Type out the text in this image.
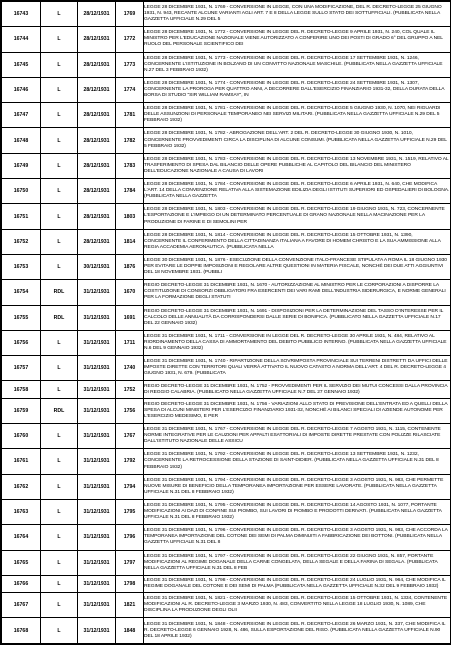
16743	L	28/12/1931	1769	LEGGE 28 DICEMBRE 1931, N. 1769 - CONVERSIONE IN LEGGE, CON UNA MODIFICAZIONE, DEL R. DECRETO-LEGGE 25 GIUGNO 1931, N. 943, RECANTE ALCUNE VARIANTI AGLI ART. 7 E 8 DELLA LEGGE SULLO STATO DEI SOTTUFFICIALI. (PUBBLICATA NELLA GAZZETTA UFFICIALE N.29 DEL 5
16744	L	28/12/1931	1772	LEGGE 28 DICEMBRE 1931, N. 1772 - CONVERSIONE IN LEGGE DEL R. DECRETO-LEGGE 9 APRILE 1931, N. 240, COL QUALE IL MINISTRO PER L'EDUCAZIONE NAZIONALE VIENE AUTORIZZATO A CONFERIRE UNO DEI POSTI DI GRADO 6° DEL GRUPPO A NEL RUOLO DEL PERSONALE SCIENTIFICO DEI
16745	L	28/12/1931	1773	LEGGE 28 DICEMBRE 1931, N. 1773 - CONVERSIONE IN LEGGE DEL R. DECRETO-LEGGE 17 SETTEMBRE 1931, N. 1246, CONCERNENTE L'ISTITUZIONE IN BOLZANO DI UN CONVITTO NAZIONALE MASCHILE. (PUBBLICATA NELLA GAZZETTA UFFICIALE N.27 DEL 3 FEBBRAIO 1932)
16746	L	28/12/1931	1774	LEGGE 28 DICEMBRE 1931, N. 1774 - CONVERSIONE IN LEGGE DEL R. DECRETO-LEGGE 24 SETTEMBRE 1931, N. 1307, CONCERNENTE LA PROROGA PER QUATTRO ANNI, A DECORRERE DALL'ESERCIZIO FINANZIARIO 1931-32, DELLA DURATA DELLA BORSA DI STUDIO "SIR WILLIAM RAMSAY", IN
16747	L	28/12/1931	1781	LEGGE 28 DICEMBRE 1931, N. 1781 - CONVERSIONE IN LEGGE DEL R. DECRETO-LEGGE 5 GIUGNO 1930, N. 1070, NEI RIGUARDI DELLE ASSUNZIONI DI PERSONALE TEMPORANEO NEI SERVIZI MILITARI. (PUBBLICATA NELLA GAZZETTA UFFICIALE N.29 DEL 5 FEBBRAIO 1932)
16748	L	28/12/1931	1782	LEGGE 28 DICEMBRE 1931, N. 1782 - ABROGAZIONE DELL'ART. 2 DEL R. DECRETO-LEGGE 30 GIUGNO 1930, N. 1010, CONCERNENTE PROVVEDIMENTI CIRCA LA DISCIPLINA DI ALCUNE CONSUMI. (PUBBLICATA NELLA GAZZETTA UFFICIALE N.29 DEL 5 FEBBRAIO 1932)
16749	L	28/12/1931	1783	LEGGE 28 DICEMBRE 1931, N. 1783 - CONVERSIONE IN LEGGE DEL R. DECRETO-LEGGE 13 NOVEMBRE 1931, N. 1519, RELATIVO AL TRASFERIMENTO DI SPESA DAL BILANCIO DELLE OPERE PUBBLICHE AL CAPITOLO DEL BILANCIO DEL MINISTERO DELL'EDUCAZIONE NAZIONALE A CAUSA DI LAVORI
16750	L	28/12/1931	1784	LEGGE 28 DICEMBRE 1931, N. 1784 - CONVERSIONE IN LEGGE DEL R. DECRETO-LEGGE 6 APRILE 1931, N. 640, CHE MODIFICA L'ART. 14 DELLA CONVENZIONE RELATIVA ALLA SISTEMAZIONE EDILIZIA DEGLI ISTITUTI SUPERIORI ED OSPEDALIERI DI BOLOGNA. (PUBBLICATA NELLA GAZZETTA
16751	L	28/12/1931	1803	LEGGE 28 DICEMBRE 1931, N. 1803 - CONVERSIONE IN LEGGE DEL R. DECRETO-LEGGE 19 GIUGNO 1931, N. 723, CONCERNENTE L'ESPORTAZIONE E L'IMPIEGO DI UN DETERMINATO PERCENTUALE DI GRANO NAZIONALE NELLA MACINAZIONE PER LA PRODUZIONE DI FARINE E DI SEMOLINI PER
16752	L	28/12/1931	1814	LEGGE 28 DICEMBRE 1931, N. 1814 - CONVERSIONE IN LEGGE DEL R. DECRETO-LEGGE 15 OTTOBRE 1931, N. 1390, CONCERNENTE IL CONFERIMENTO DELLA CITTADINANZA ITALIANA A FAVORE DI HOMEM CHRISTO E LA SUA AMMISSIONE ALLA REGIA ACCADEMIA AERONAUTICA. (PUBBLICATA NELLA
16753	L	30/12/1931	1876	LEGGE 30 DICEMBRE 1931, N. 1876 - ESECUZIONE DELLA CONVENZIONE ITALO-FRANCESE STIPULATA A ROMA IL 18 GIUGNO 1930 PER EVITARE LE DOPPIE IMPOSIZIONI E REGOLARE ALTRE QUESTIONI IN MATERIA FISCALE, NONCHÉ DEI DUE ATTI AGGIUNTIVI DEL 18 NOVEMBRE 1931. (PUBBLI
16754	RDL	31/12/1931	1670	REGIO DECRETO-LEGGE 31 DICEMBRE 1931, N. 1670 - AUTORIZZAZIONE AL MINISTRO PER LE CORPORAZIONI A DISPORRE LA COSTITUZIONE DI CONSORZI OBBLIGATORI FRA ESERCENTI DEI VARI RAMI DELL'INDUSTRIA SIDERURGICA, E NORME GENERALI PER LA FORMAZIONE DEGLI STATUTI
16755	RDL	31/12/1931	1691	REGIO DECRETO-LEGGE 31 DICEMBRE 1931, N. 1691 - DISPOSIZIONI PER LA DETERMINAZIONE DEL TASSO D'INTERESSE PER IL CALCOLO DELLE ANNUALITÀ DA CORRISPONDERSI DALLE SERIE DI BONIFICA. (PUBBLICATO NELLA GAZZETTA UFFICIALE N.17 DEL 22 GENNAIO 1932)
16756	L	31/12/1931	1711	LEGGE 31 DICEMBRE 1931, N. 1711 - CONVERSIONE IN LEGGE DEL R. DECRETO-LEGGE 30 APRILE 1931, N. 484, RELATIVO AL RIORDINAMENTO DELLA CASSA DI AMMORTAMENTO DEL DEBITO PUBBLICO INTERNO. (PUBBLICATA NELLA GAZZETTA UFFICIALE N.6 DEL 9 GENNAIO 1932)
16757	L	31/12/1931	1740	LEGGE 31 DICEMBRE 1931, N. 1740 - RIPARTIZIONE DELLA SOVRIMPOSTA PROVINCIALE SUI TERRENI DISTRETTI DA UFFICI DELLE IMPOSTE DIRETTE CON TERRITORI QUALI VERRÀ ATTIVATO IL NUOVO CATASTO A NORMA DELL'ART. 4 DEL R. DECRETO-LEGGE 4 GIUGNO 1931, N. 679. (PUBBLICATA
16758	L	31/12/1931	1752	REGIO DECRETO-LEGGE 31 DICEMBRE 1931, N. 1752 - PROVVEDIMENTI PER IL SERVIZIO DEI MUTUI CONCESSI DALLA PROVINCIA DI REGGIO CALABRIA. (PUBBLICATO NELLA GAZZETTA UFFICIALE N.7 DEL 27 GENNAIO 1932)
16759	RDL	31/12/1931	1756	REGIO DECRETO-LEGGE 31 DICEMBRE 1931, N. 1756 - VARIAZIONI ALLO STATO DI PREVISIONE DELL'ENTRATA ED A QUELLI DELLA SPESA DI ALCUNI MINISTERI PER L'ESERCIZIO FINANZIARIO 1931-32, NONCHÉ AI BILANCI SPECIALI DI AZIENDE AUTONOME PER L'ESERCIZIO MEDESIMO, E PER
16760	L	31/12/1931	1767	LEGGE 31 DICEMBRE 1931, N. 1767 - CONVERSIONE IN LEGGE DEL R. DECRETO-LEGGE 7 AGOSTO 1931, N. 1115, CONTENENTE NORME INTEGRATIVE PER LE CAUZIONI PER APPALTI ESATTORIALI DI IMPOSTE DIRETTE PRESTATE CON POLIZZE RILASCIATE DALL'ISTITUTO NAZIONALE DELLE ASSICU
16761	L	31/12/1931	1792	LEGGE 31 DICEMBRE 1931, N. 1792 - CONVERSIONE IN LEGGE DEL R. DECRETO-LEGGE 13 SETTEMBRE 1931, N. 1232, CONCERNENTE LA RETROCESSIONE DELLA STAZIONE DI SAINT-DIDIER. (PUBBLICATA NELLA GAZZETTA UFFICIALE N.31 DEL 8 FEBBRAIO 1932)
16762	L	31/12/1931	1794	LEGGE 31 DICEMBRE 1931, N. 1794 - CONVERSIONE IN LEGGE DEL R. DECRETO-LEGGE 3 AGOSTO 1931, N. 983, CHE PERMETTE NUOVE MISURE DI BENEFICIO DELLA TEMPORANEA IMPORTAZIONE PER ESSERE LAVORATE. (PUBBLICATA NELLA GAZZETTA UFFICIALE N.31 DEL 8 FEBBRAIO 1932)
16763	L	31/12/1931	1795	LEGGE 31 DICEMBRE 1931, N. 1795 - CONVERSIONE IN LEGGE DEL R. DECRETO-LEGGE 14 AGOSTO 1931, N. 1077, PORTANTE MODIFICAZIONI AI DAZI DI CONFINE SUI PIOMBO, SUI LAVORI DI PIOMBO E PRODOTTI DERIVATI. (PUBBLICATA NELLA GAZZETTA UFFICIALE N.31 DEL 8 FEBBRAIO 1932)
16764	L	31/12/1931	1796	LEGGE 31 DICEMBRE 1931, N. 1796 - CONVERSIONE IN LEGGE DEL R. DECRETO-LEGGE 3 AGOSTO 1931, N. 983, CHE ACCORDA LA TEMPORANEA IMPORTAZIONE DEL COTONE DEI SEMI DI PALMA DIMINUITI A FABBRICAZIONE DEI BOTTONI. (PUBBLICATA NELLA GAZZETTA UFFICIALE N.31 DEL 8
16765	L	31/12/1931	1797	LEGGE 31 DICEMBRE 1931, N. 1797 - CONVERSIONE IN LEGGE DEL R. DECRETO-LEGGE 22 GIUGNO 1931, N. 857, PORTANTE MODIFICAZIONI AL REGIME DOGANALE DELLA CARNE CONGELATA, DELLA SEGALE E DELLA FARINA DI SEGALA. (PUBBLICATA NELLA GAZZETTA UFFICIALE N.31 DEL 8 FEB
16766	L	31/12/1931	1798	LEGGE 31 DICEMBRE 1931, N. 1798 - CONVERSIONE IN LEGGE DEL R. DECRETO-LEGGE 24 LUGLIO 1931, N. 964, CHE MODIFICA IL REGIME DOGANALE DEL COTONE E DEI SEMI DI PALMA (PUBBLICATA NELLA GAZZETTA UFFICIALE N.32 DEL 9 FEBBRAIO 1932)
16767	L	31/12/1931	1821	LEGGE 31 DICEMBRE 1931, N. 1821 - CONVERSIONE IN LEGGE DEL R. DECRETO-LEGGE 15 OTTOBRE 1931, N. 1334, CONTENENTE MODIFICAZIONI AL R. DECRETO-LEGGE 3 MARZO 1930, N. 483, CONVERTITO NELLA LEGGE 18 LUGLIO 1930, N. 1089, CHE DISCIPLINA LA PRODUZIONE DEGLI OLII
16768	L	31/12/1931	1848	LEGGE 31 DICEMBRE 1931, N. 1848 - CONVERSIONE IN LEGGE DEL R. DECRETO-LEGGE 26 MARZO 1931, N. 337, CHE MODIFICA IL R. DECRETO-LEGGE 6 GENNAIO 1928, N. 486, SULLA ESPORTAZIONE DEL RISO. (PUBBLICATA NELLA GAZZETTA UFFICIALE N.90 DEL 18 APRILE 1932)
